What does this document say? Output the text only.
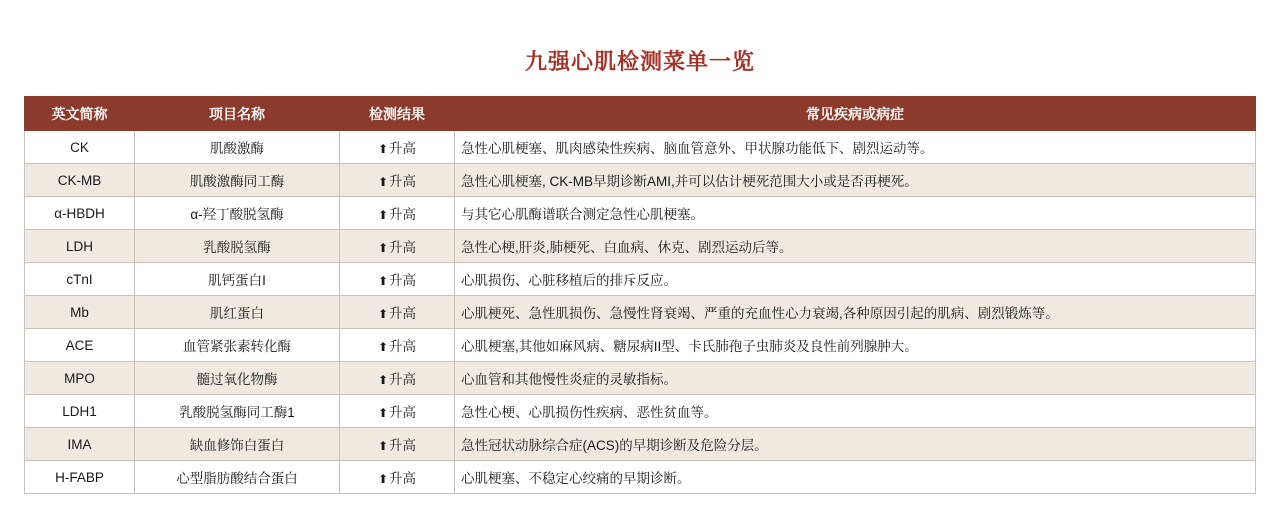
九强心肌检测菜单一览
英文简称	项目名称	检测结果	常见疾病或病症
CK	肌酸激酶	⬆升高	急性心肌梗塞、肌肉感染性疾病、脑血管意外、甲状腺功能低下、剧烈运动等。
CK-MB	肌酸激酶同工酶	⬆升高	急性心肌梗塞, CK-MB早期诊断AMI,并可以估计梗死范围大小或是否再梗死。
α-HBDH	α-羟丁酸脱氢酶	⬆升高	与其它心肌酶谱联合测定急性心肌梗塞。
LDH	乳酸脱氢酶	⬆升高	急性心梗,肝炎,肺梗死、白血病、休克、剧烈运动后等。
cTnI	肌钙蛋白I	⬆升高	心肌损伤、心脏移植后的排斥反应。
Mb	肌红蛋白	⬆升高	心肌梗死、急性肌损伤、急慢性肾衰竭、严重的充血性心力衰竭,各种原因引起的肌病、剧烈锻炼等。
ACE	血管紧张素转化酶	⬆升高	心肌梗塞,其他如麻风病、糖尿病II型、卡氏肺孢子虫肺炎及良性前列腺肿大。
MPO	髓过氧化物酶	⬆升高	心血管和其他慢性炎症的灵敏指标。
LDH1	乳酸脱氢酶同工酶1	⬆升高	急性心梗、心肌损伤性疾病、恶性贫血等。
IMA	缺血修饰白蛋白	⬆升高	急性冠状动脉综合症(ACS)的早期诊断及危险分层。
H-FABP	心型脂肪酸结合蛋白	⬆升高	心肌梗塞、不稳定心绞痛的早期诊断。
